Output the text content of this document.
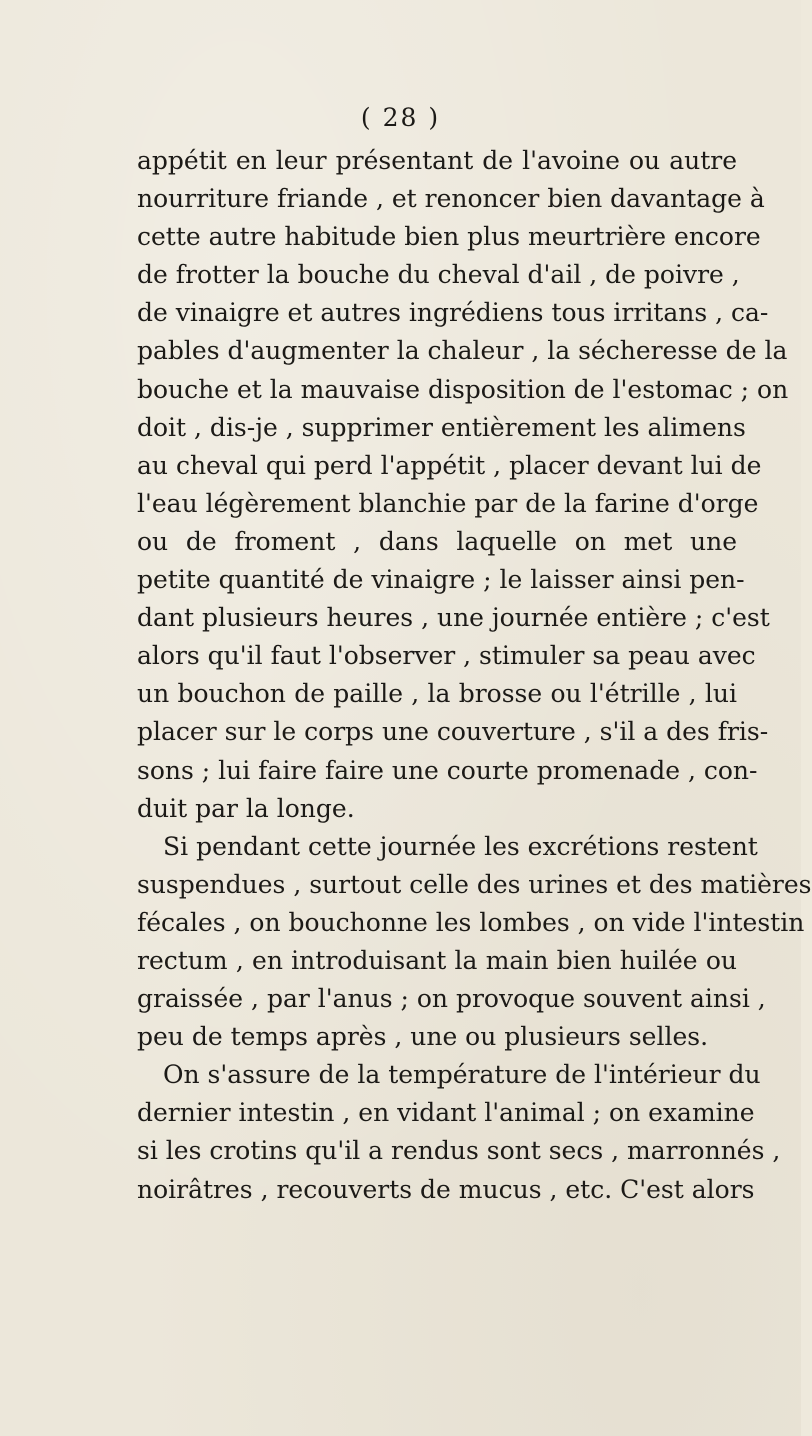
( 28 )
appétit en leur présentant de l'avoine ou autre
nourriture friande , et renoncer bien davantage à
cette autre habitude bien plus meurtrière encore
de frotter la bouche du cheval d'ail , de poivre ,
de vinaigre et autres ingrédiens tous irritans , ca-
pables d'augmenter la chaleur , la sécheresse de la
bouche et la mauvaise disposition de l'estomac ; on
doit , dis-je , supprimer entièrement les alimens
au cheval qui perd l'appétit , placer devant lui de
l'eau légèrement blanchie par de la farine d'orge
ou de froment , dans laquelle on met une
petite quantité de vinaigre ; le laisser ainsi pen-
dant plusieurs heures , une journée entière ; c'est
alors qu'il faut l'observer , stimuler sa peau avec
un bouchon de paille , la brosse ou l'étrille , lui
placer sur le corps une couverture , s'il a des fris-
sons ; lui faire faire une courte promenade , con-
duit par la longe.
Si pendant cette journée les excrétions restent
suspendues , surtout celle des urines et des matières
fécales , on bouchonne les lombes , on vide l'intestin
rectum , en introduisant la main bien huilée ou
graissée , par l'anus ; on provoque souvent ainsi ,
peu de temps après , une ou plusieurs selles.
On s'assure de la température de l'intérieur du
dernier intestin , en vidant l'animal ; on examine
si les crotins qu'il a rendus sont secs , marronnés ,
noirâtres , recouverts de mucus , etc. C'est alors
